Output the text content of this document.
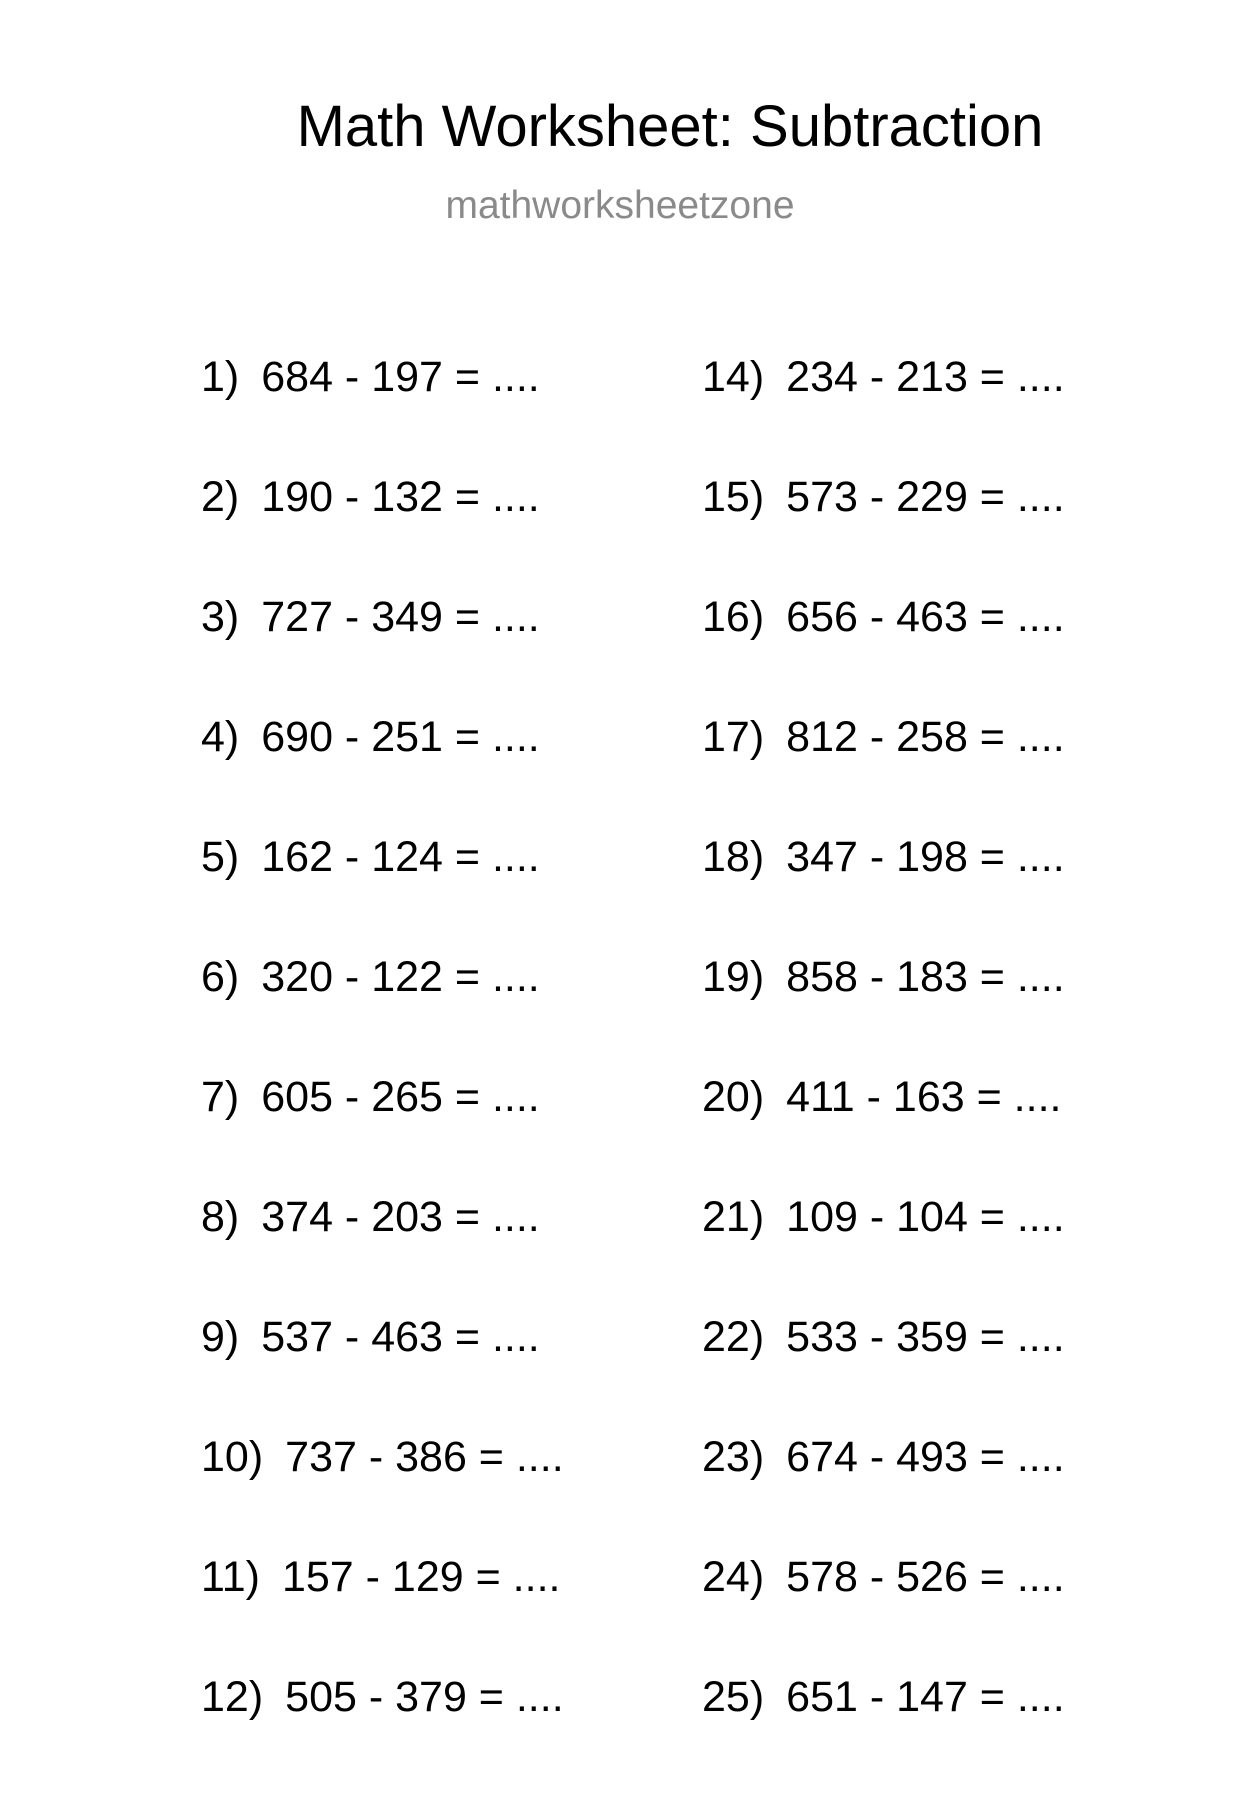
Math Worksheet: Subtraction
mathworksheetzone
1) 684 - 197 = ....
2) 190 - 132 = ....
3) 727 - 349 = ....
4) 690 - 251 = ....
5) 162 - 124 = ....
6) 320 - 122 = ....
7) 605 - 265 = ....
8) 374 - 203 = ....
9) 537 - 463 = ....
10) 737 - 386 = ....
11) 157 - 129 = ....
12) 505 - 379 = ....
14) 234 - 213 = ....
15) 573 - 229 = ....
16) 656 - 463 = ....
17) 812 - 258 = ....
18) 347 - 198 = ....
19) 858 - 183 = ....
20) 411 - 163 = ....
21) 109 - 104 = ....
22) 533 - 359 = ....
23) 674 - 493 = ....
24) 578 - 526 = ....
25) 651 - 147 = ....
